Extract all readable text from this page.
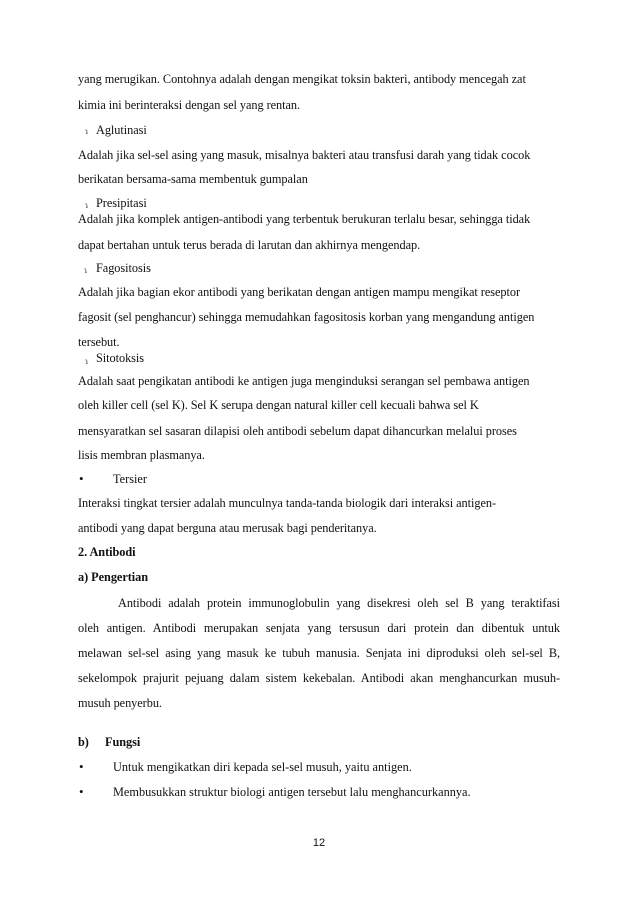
yang merugikan. Contohnya adalah dengan mengikat toksin bakteri, antibody mencegah zat
kimia ini berinteraksi dengan sel yang rentan.
ɿ Aglutinasi
Adalah jika sel-sel asing yang masuk, misalnya bakteri atau transfusi darah yang tidak cocok
berikatan bersama-sama membentuk gumpalan
ɿ Presipitasi
Adalah jika komplek antigen-antibodi yang terbentuk berukuran terlalu besar, sehingga tidak
dapat bertahan untuk terus berada di larutan dan akhirnya mengendap.
ɿ Fagositosis
Adalah jika bagian ekor antibodi yang berikatan dengan antigen mampu mengikat reseptor
fagosit (sel penghancur) sehingga memudahkan fagositosis korban yang mengandung antigen
tersebut.
ɿ Sitotoksis
Adalah saat pengikatan antibodi ke antigen juga menginduksi serangan sel pembawa antigen
oleh killer cell (sel K). Sel K serupa dengan natural killer cell kecuali bahwa sel K
mensyaratkan sel sasaran dilapisi oleh antibodi sebelum dapat dihancurkan melalui proses
lisis membran plasmanya.
• Tersier
Interaksi tingkat tersier adalah munculnya tanda-tanda biologik dari interaksi antigen-
antibodi yang dapat berguna atau merusak bagi penderitanya.
2. Antibodi
a) Pengertian
Antibodi adalah protein immunoglobulin yang disekresi oleh sel B yang teraktifasi
oleh antigen. Antibodi merupakan senjata yang tersusun dari protein dan dibentuk untuk
melawan sel-sel asing yang masuk ke tubuh manusia. Senjata ini diproduksi oleh sel-sel B,
sekelompok prajurit pejuang dalam sistem kekebalan. Antibodi akan menghancurkan musuh-
musuh penyerbu.
b) Fungsi
• Untuk mengikatkan diri kepada sel-sel musuh, yaitu antigen.
• Membusukkan struktur biologi antigen tersebut lalu menghancurkannya.
12
